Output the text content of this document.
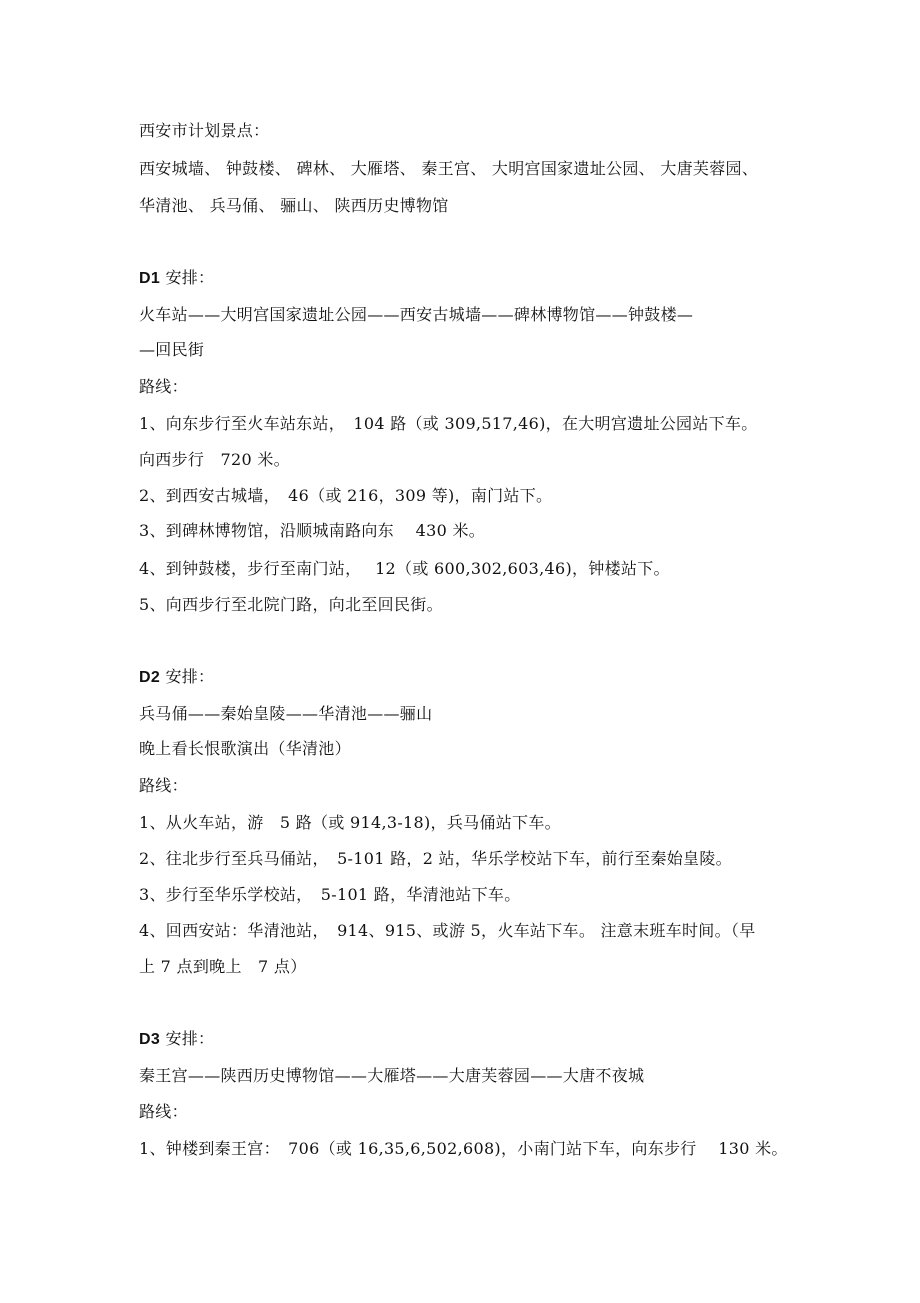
西安市计划景点：
西安城墙、 钟鼓楼、 碑林、 大雁塔、 秦王宫、 大明宫国家遗址公园、 大唐芙蓉园、
华清池、 兵马俑、 骊山、 陕西历史博物馆
D1 安排：
火车站——大明宫国家遗址公园——西安古城墙——碑林博物馆——钟鼓楼—
—回民街
路线：
1、向东步行至火车站东站，　104 路（或 309,517,46)，在大明宫遗址公园站下车。
向西步行　720 米。
2、到西安古城墙，　46（或 216，309 等)，南门站下。
3、到碑林博物馆，沿顺城南路向东　 430 米。
4、到钟鼓楼，步行至南门站，　 12（或 600,302,603,46)，钟楼站下。
5、向西步行至北院门路，向北至回民街。
D2 安排：
兵马俑——秦始皇陵——华清池——骊山
晚上看长恨歌演出（华清池）
路线：
1、从火车站，游　5 路（或 914,3-18)，兵马俑站下车。
2、往北步行至兵马俑站，　5-101 路，2 站，华乐学校站下车，前行至秦始皇陵。
3、步行至华乐学校站，　5-101 路，华清池站下车。
4、回西安站：华清池站，　914、915、或游 5，火车站下车。 注意末班车时间。（早
上 7 点到晚上　7 点）
D3 安排：
秦王宫——陕西历史博物馆——大雁塔——大唐芙蓉园——大唐不夜城
路线：
1、钟楼到秦王宫：　706（或 16,35,6,502,608)，小南门站下车，向东步行　 130 米。
